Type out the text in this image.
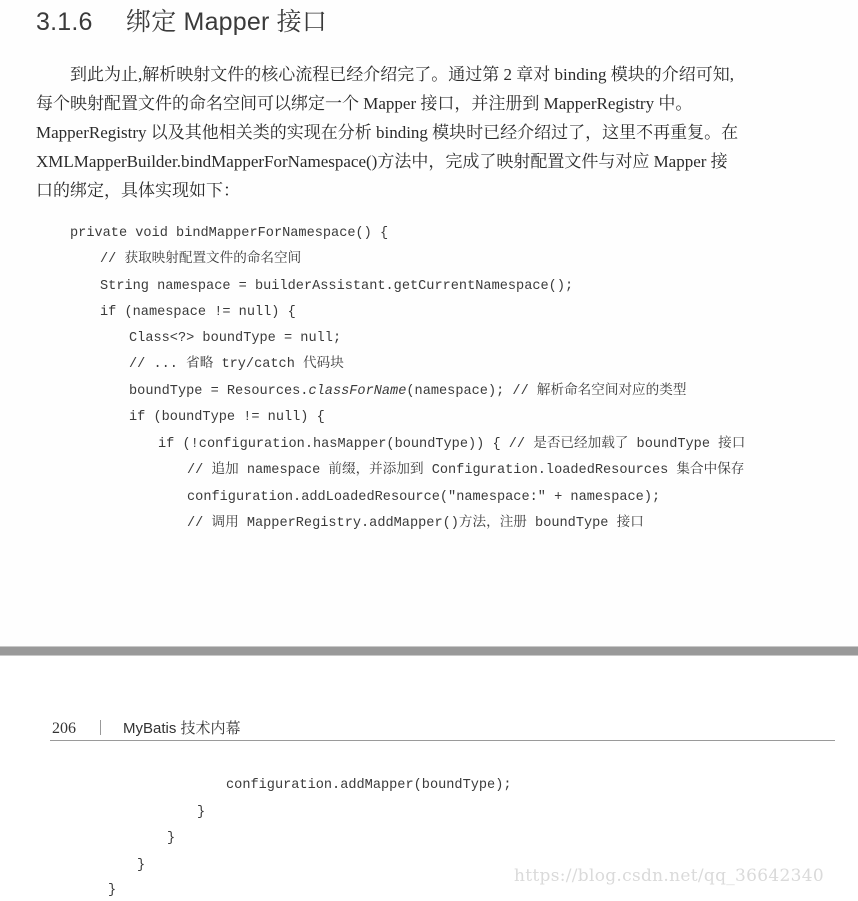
3.1.6 绑定 Mapper 接口
到此为止,解析映射文件的核心流程已经介绍完了。通过第 2 章对 binding 模块的介绍可知,
每个映射配置文件的命名空间可以绑定一个 Mapper 接口，并注册到 MapperRegistry 中。
MapperRegistry 以及其他相关类的实现在分析 binding 模块时已经介绍过了，这里不再重复。在
XMLMapperBuilder.bindMapperForNamespace()方法中，完成了映射配置文件与对应 Mapper 接
口的绑定，具体实现如下：
private void bindMapperForNamespace() {
// 获取映射配置文件的命名空间
String namespace = builderAssistant.getCurrentNamespace();
if (namespace != null) {
Class<?> boundType = null;
// ... 省略 try/catch 代码块
boundType = Resources.classForName(namespace); // 解析命名空间对应的类型
if (boundType != null) {
if (!configuration.hasMapper(boundType)) { // 是否已经加载了 boundType 接口
// 追加 namespace 前缀，并添加到 Configuration.loadedResources 集合中保存
configuration.addLoadedResource("namespace:" + namespace);
// 调用 MapperRegistry.addMapper()方法，注册 boundType 接口
206	MyBatis 技术内幕
configuration.addMapper(boundType);
}
}
}
}
https://blog.csdn.net/qq_36642340
